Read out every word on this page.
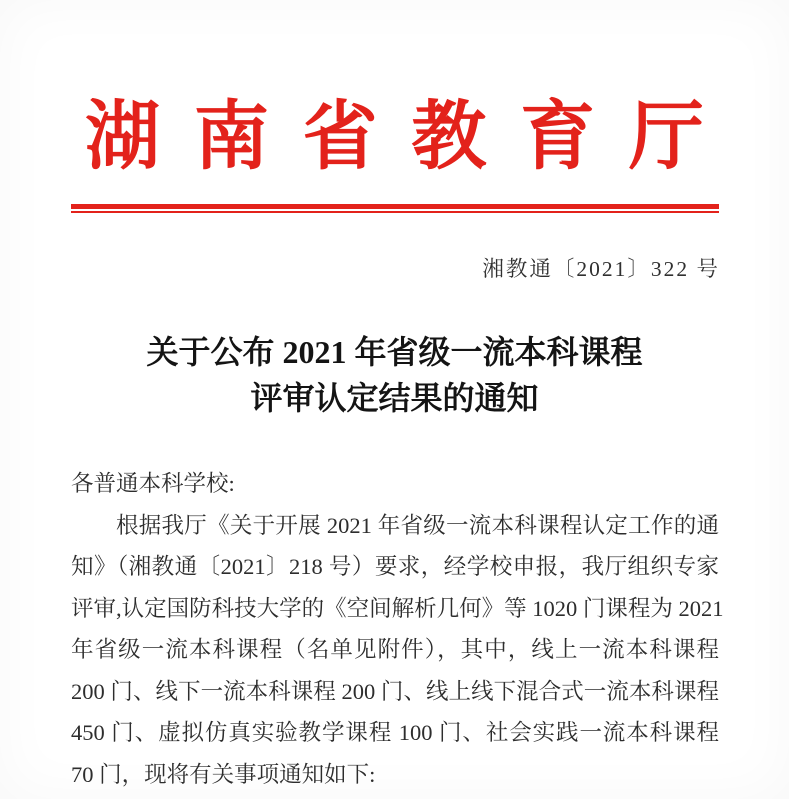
湖南省教育厅
湘教通〔2021〕322 号
关于公布 2021 年省级一流本科课程
评审认定结果的通知

各普通本科学校:

根据我厅《关于开展 2021 年省级一流本科课程认定工作的通

知》（湘教通〔2021〕218 号）要求，经学校申报，我厅组织专家

评审,认定国防科技大学的《空间解析几何》等 1020 门课程为 2021

年省级一流本科课程（名单见附件），其中，线上一流本科课程

200 门、线下一流本科课程 200 门、线上线下混合式一流本科课程

450 门、虚拟仿真实验教学课程 100 门、社会实践一流本科课程

70 门，现将有关事项通知如下:
